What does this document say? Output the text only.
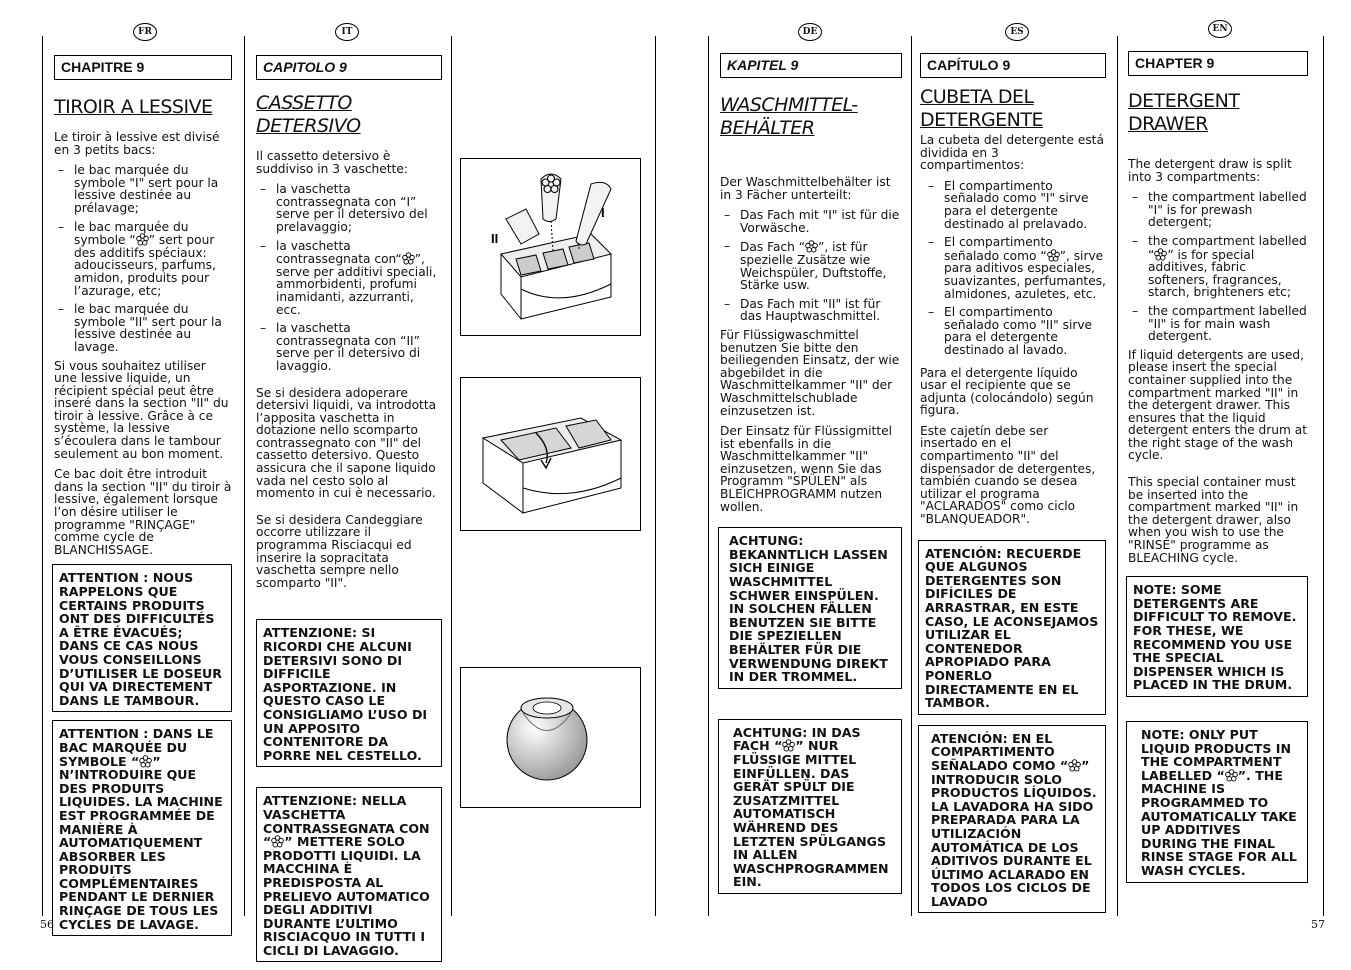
FR	IT	DE	ES	EN
CHAPITRE 9
TIROIR A LESSIVE

Le tiroir à lessive est divisé en 3 petits bacs:

– le bac marquée du symbole "I" sert pour la lessive destinée au prélavage;
– le bac marquée du symbole “ ” sert pour des additifs spéciaux: adoucisseurs, parfums, amidon, produits pour l’azurage, etc;
– le bac marquée du symbole "II" sert pour la lessive destinée au lavage.

Si vous souhaitez utiliser une lessive liquide, un récipient spécial peut être inseré dans la section "II" du tiroir à lessive. Grâce à ce système, la lessive s’écoulera dans le tambour seulement au bon moment.

Ce bac doit être introduit dans la section "II" du tiroir à lessive, également lorsque l’on désire utiliser le programme "RINÇAGE" comme cycle de BLANCHISSAGE.

ATTENTION : NOUS RAPPELONS QUE CERTAINS PRODUITS ONT DES DIFFICULTÉS A ÊTRE ÉVACUÉS; DANS CE CAS NOUS VOUS CONSEILLONS D’UTILISER LE DOSEUR QUI VA DIRECTEMENT DANS LE TAMBOUR.
ATTENTION : DANS LE BAC MARQUÉE DU SYMBOLE “ ” N’INTRODUIRE QUE DES PRODUITS LIQUIDES. LA MACHINE EST PROGRAMMÉE DE MANIÈRE À AUTOMATIQUEMENT ABSORBER LES PRODUITS COMPLÉMENTAIRES PENDANT LE DERNIER RINÇAGE DE TOUS LES CYCLES DE LAVAGE.
CAPITOLO 9
CASSETTO DETERSIVO

Il cassetto detersivo è suddiviso in 3 vaschette:

– la vaschetta contrassegnata con “I” serve per il detersivo del prelavaggio;
– la vaschetta contrassegnata con“ ”, serve per additivi speciali, ammorbidenti, profumi inamidanti, azzurranti, ecc.
– la vaschetta contrassegnata con “II” serve per il detersivo di lavaggio.

Se si desidera adoperare detersivi liquidi, va introdotta l’apposita vaschetta in dotazione nello scomparto contrassegnato con "II" del cassetto detersivo. Questo assicura che il sapone liquido vada nel cesto solo al momento in cui è necessario.

Se si desidera Candeggiare occorre utilizzare il programma Risciacqui ed inserire la sopracitata vaschetta sempre nello scomparto "II".

ATTENZIONE: SI RICORDI CHE ALCUNI DETERSIVI SONO DI DIFFICILE ASPORTAZIONE. IN QUESTO CASO LE CONSIGLIAMO L’USO DI UN APPOSITO CONTENITORE DA PORRE NEL CESTELLO.
ATTENZIONE: NELLA VASCHETTA CONTRASSEGNATA CON “ ” METTERE SOLO PRODOTTI LIQUIDI. LA MACCHINA È PREDISPOSTA AL PRELIEVO AUTOMATICO DEGLI ADDITIVI DURANTE L’ULTIMO RISCIACQUO IN TUTTI I CICLI DI LAVAGGIO.
II
I
KAPITEL 9
WASCHMITTEL-BEHÄLTER

Der Waschmittelbehälter ist in 3 Fächer unterteilt:

– Das Fach mit "I" ist für die Vorwäsche.
– Das Fach “ ”, ist für spezielle Zusätze wie Weichspüler, Duftstoffe, Stärke usw.
– Das Fach mit "II" ist für das Hauptwaschmittel.

Für Flüssigwaschmittel benutzen Sie bitte den beiliegenden Einsatz, der wie abgebildet in die Waschmittelkammer "II" der Waschmittelschublade einzusetzen ist.

Der Einsatz für Flüssigmittel ist ebenfalls in die Waschmittelkammer "II" einzusetzen, wenn Sie das Programm "SPÜLEN" als BLEICHPROGRAMM nutzen wollen.

ACHTUNG: BEKANNTLICH LASSEN SICH EINIGE WASCHMITTEL SCHWER EINSPÜLEN. IN SOLCHEN FÄLLEN BENUTZEN SIE BITTE DIE SPEZIELLEN BEHÄLTER FÜR DIE VERWENDUNG DIREKT IN DER TROMMEL.
ACHTUNG: IN DAS FACH “ ” NUR FLÜSSIGE MITTEL EINFÜLLEN. DAS GERÄT SPÜLT DIE ZUSATZMITTEL AUTOMATISCH WÄHREND DES LETZTEN SPÜLGANGS IN ALLEN WASCHPROGRAMMEN EIN.
CAPÍTULO 9
CUBETA DEL DETERGENTE

La cubeta del detergente está dividida en 3 compartimentos:

– El compartimento señalado como "I" sirve para el detergente destinado al prelavado.
– El compartimento señalado como “ ”, sirve para aditivos especiales, suavizantes, perfumantes, almidones, azuletes, etc.
– El compartimento señalado como "II" sirve para el detergente destinado al lavado.

Para el detergente líquido usar el recipiente que se adjunta (colocándolo) según figura.

Este cajetín debe ser insertado en el compartimento "II" del dispensador de detergentes, también cuando se desea utilizar el programa "ACLARADOS" como ciclo "BLANQUEADOR".

ATENCIÓN: RECUERDE QUE ALGUNOS DETERGENTES SON DIFÍCILES DE ARRASTRAR, EN ESTE CASO, LE ACONSEJAMOS UTILIZAR EL CONTENEDOR APROPIADO PARA PONERLO DIRECTAMENTE EN EL TAMBOR.
ATENCIÓN: EN EL COMPARTIMENTO SEÑALADO COMO “ ” INTRODUCIR SOLO PRODUCTOS LÍQUIDOS. LA LAVADORA HA SIDO PREPARADA PARA LA UTILIZACIÓN AUTOMÁTICA DE LOS ADITIVOS DURANTE EL ÚLTIMO ACLARADO EN TODOS LOS CICLOS DE LAVADO
CHAPTER 9
DETERGENT DRAWER

The detergent draw is split into 3 compartments:

– the compartment labelled "I" is for prewash detergent;
– the compartment labelled “ ” is for special additives, fabric softeners, fragrances, starch, brighteners etc;
– the compartment labelled "II" is for main wash detergent.

If liquid detergents are used, please insert the special container supplied into the compartment marked "II" in the detergent drawer. This ensures that the liquid detergent enters the drum at the right stage of the wash cycle.

This special container must be inserted into the compartment marked "II" in the detergent drawer, also when you wish to use the "RINSE" programme as BLEACHING cycle.

NOTE: SOME DETERGENTS ARE DIFFICULT TO REMOVE. FOR THESE, WE RECOMMEND YOU USE THE SPECIAL DISPENSER WHICH IS PLACED IN THE DRUM.
NOTE: ONLY PUT LIQUID PRODUCTS IN THE COMPARTMENT LABELLED “ ”. THE MACHINE IS PROGRAMMED TO AUTOMATICALLY TAKE UP ADDITIVES DURING THE FINAL RINSE STAGE FOR ALL WASH CYCLES.
56	57
